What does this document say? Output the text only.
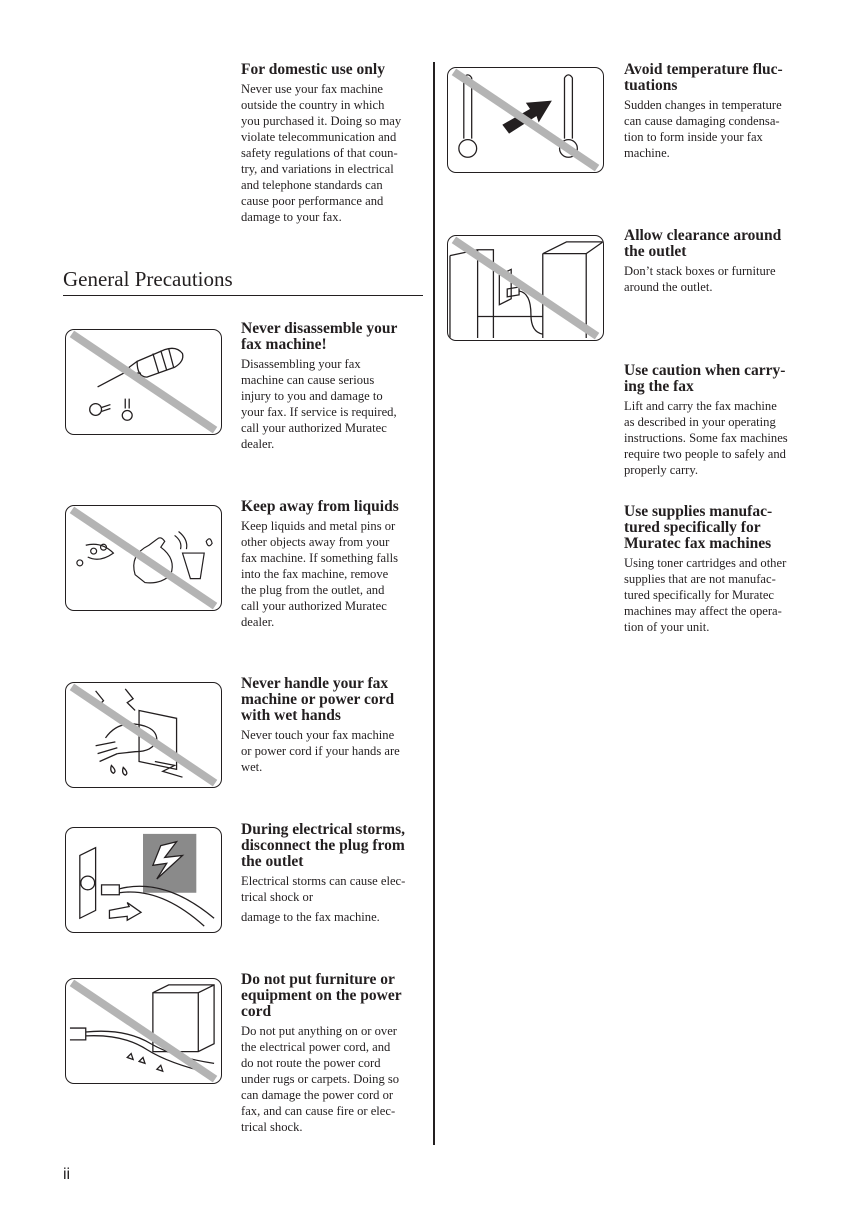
General Precautions
For domestic use only
Never use your fax machine
outside the country in which
you purchased it. Doing so may
violate telecommunication and
safety regulations of that coun-
try, and variations in electrical
and telephone standards can
cause poor performance and
damage to your fax.
Never disassemble your
fax machine!
Disassembling your fax
machine can cause serious
injury to you and damage to
your fax. If service is required,
call your authorized Muratec
dealer.
Keep away from liquids
Keep liquids and metal pins or
other objects away from your
fax machine. If something falls
into the fax machine, remove
the plug from the outlet, and
call your authorized Muratec
dealer.
Never handle your fax
machine or power cord
with wet hands
Never touch your fax machine
or power cord if your hands are
wet.
During electrical storms,
disconnect the plug from
the outlet
Electrical storms can cause elec-
trical shock or
damage to the fax machine.
Do not put furniture or
equipment on the power
cord
Do not put anything on or over
the electrical power cord, and
do not route the power cord
under rugs or carpets. Doing so
can damage the power cord or
fax, and can cause fire or elec-
trical shock.
Avoid temperature fluc-
tuations
Sudden changes in temperature
can cause damaging condensa-
tion to form inside your fax
machine.
Allow clearance around
the outlet
Don’t stack boxes or furniture
around the outlet.
Use caution when carry-
ing the fax
Lift and carry the fax machine
as described in your operating
instructions. Some fax machines
require two people to safely and
properly carry.
Use supplies manufac-
tured specifically for
Muratec fax machines
Using toner cartridges and other
supplies that are not manufac-
tured specifically for Muratec
machines may affect the opera-
tion of your unit.
ii
